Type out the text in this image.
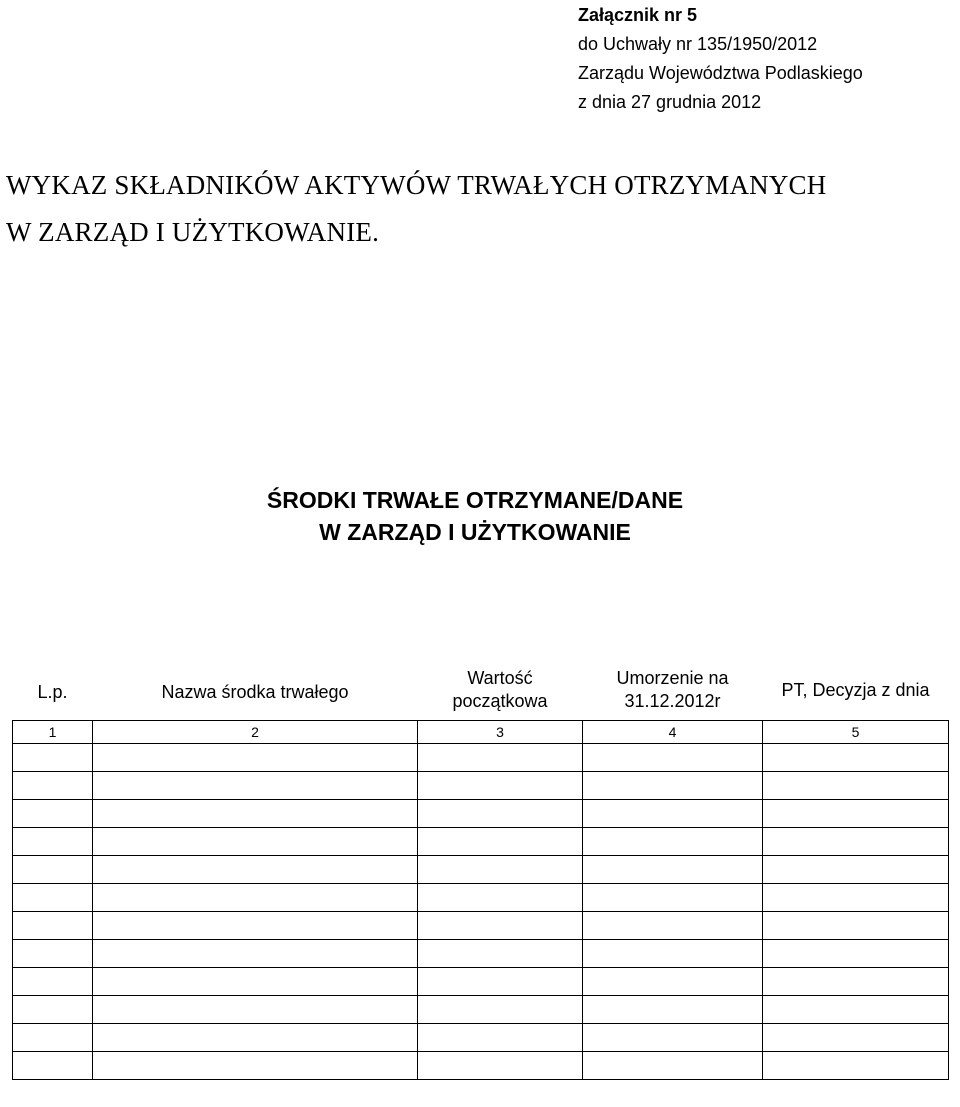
Załącznik nr 5
do Uchwały nr 135/1950/2012
Zarządu Województwa Podlaskiego
z dnia 27 grudnia 2012
WYKAZ SKŁADNIKÓW AKTYWÓW TRWAŁYCH OTRZYMANYCH
W ZARZĄD I UŻYTKOWANIE.
ŚRODKI TRWAŁE OTRZYMANE/DANE
W ZARZĄD I UŻYTKOWANIE
L.p.	Nazwa środka trwałego	Wartość początkowa	Umorzenie na 31.12.2012r	PT, Decyzja z dnia
1	2	3	4	5
